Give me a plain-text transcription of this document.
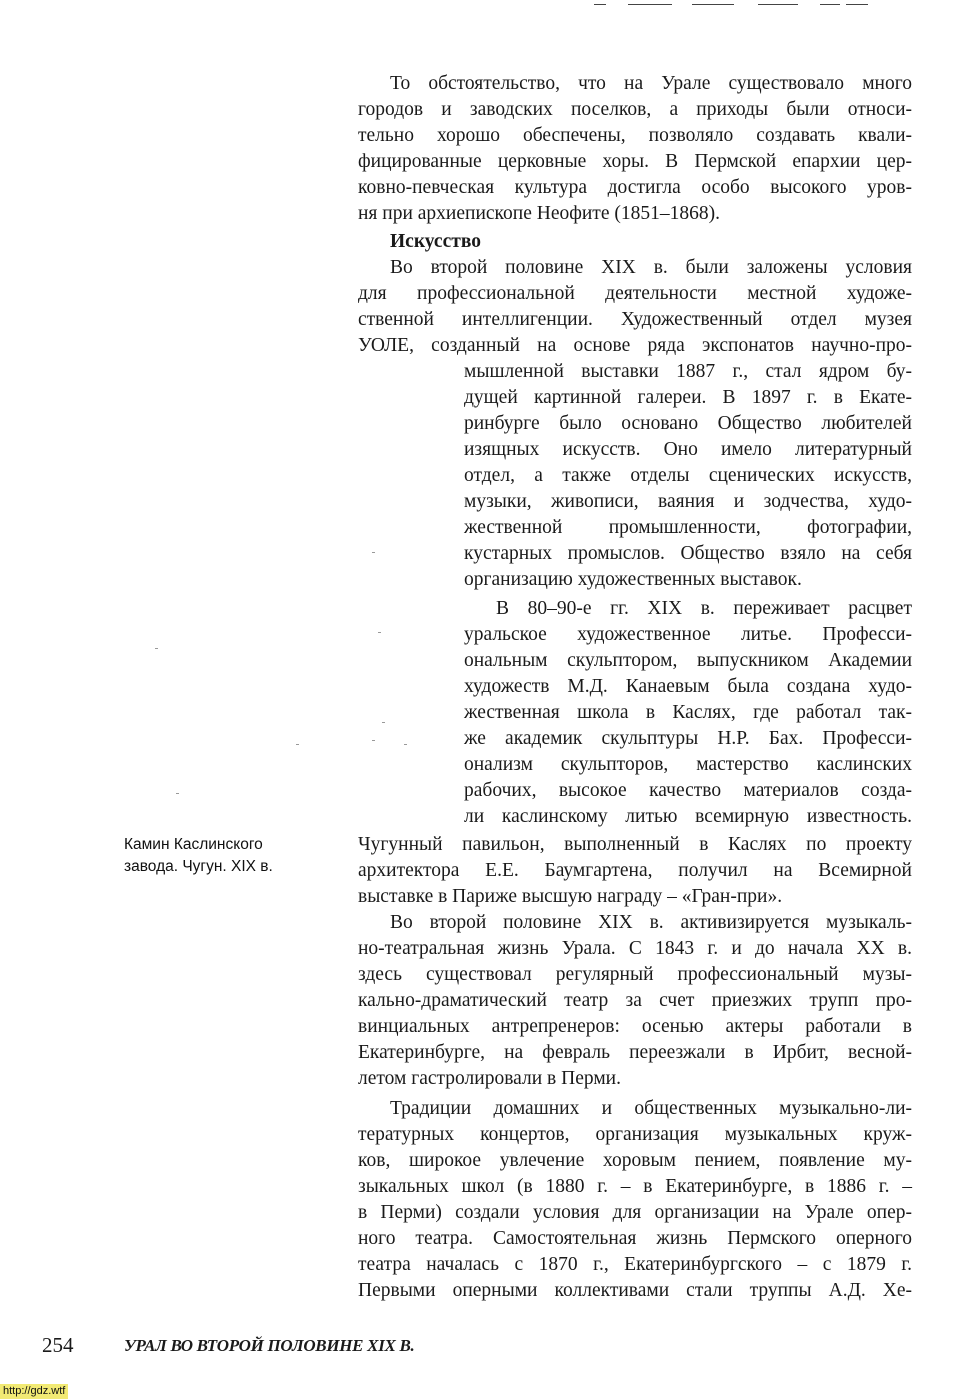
То обстоятельство, что на Урале существовало много
городов и заводских поселков, а приходы были относи-
тельно хорошо обеспечены, позволяло создавать квали-
фицированные церковные хоры. В Пермской епархии цер-
ковно-певческая культура достигла особо высокого уров-
ня при архиепископе Неофите (1851–1868).
Искусство
Во второй половине XIX в. были заложены условия
для профессиональной деятельности местной художе-
ственной интеллигенции. Художественный отдел музея
УОЛЕ, созданный на основе ряда экспонатов научно-про-
мышленной выставки 1887 г., стал ядром бу-
дущей картинной галереи. В 1897 г. в Екате-
ринбурге было основано Общество любителей
изящных искусств. Оно имело литературный
отдел, а также отделы сценических искусств,
музыки, живописи, ваяния и зодчества, худо-
жественной промышленности, фотографии,
кустарных промыслов. Общество взяло на себя
организацию художественных выставок.
В 80–90-е гг. XIX в. переживает расцвет
уральское художественное литье. Професси-
ональным скульптором, выпускником Академии
художеств М.Д. Канаевым была создана худо-
жественная школа в Каслях, где работал так-
же академик скульптуры Н.Р. Бах. Професси-
онализм скульпторов, мастерство каслинских
рабочих, высокое качество материалов созда-
ли каслинскому литью всемирную известность.
Чугунный павильон, выполненный в Каслях по проекту
архитектора Е.Е. Баумгартена, получил на Всемирной
выставке в Париже высшую награду – «Гран-при».
Во второй половине XIX в. активизируется музыкаль-
но-театральная жизнь Урала. С 1843 г. и до начала XX в.
здесь существовал регулярный профессиональный музы-
кально-драматический театр за счет приезжих трупп про-
винциальных антрепренеров: осенью актеры работали в
Екатеринбурге, на февраль переезжали в Ирбит, весной-
летом гастролировали в Перми.
Традиции домашних и общественных музыкально-ли-
тературных концертов, организация музыкальных круж-
ков, широкое увлечение хоровым пением, появление му-
зыкальных школ (в 1880 г. – в Екатеринбурге, в 1886 г. –
в Перми) создали условия для организации на Урале опер-
ного театра. Самостоятельная жизнь Пермского оперного
театра началась с 1870 г., Екатеринбургского – с 1879 г.
Первыми оперными коллективами стали труппы А.Д. Хе-
Камин Каслинского
завода. Чугун. XIX в.
254	УРАЛ ВО ВТОРОЙ ПОЛОВИНЕ XIX В.
http://gdz.wtf
